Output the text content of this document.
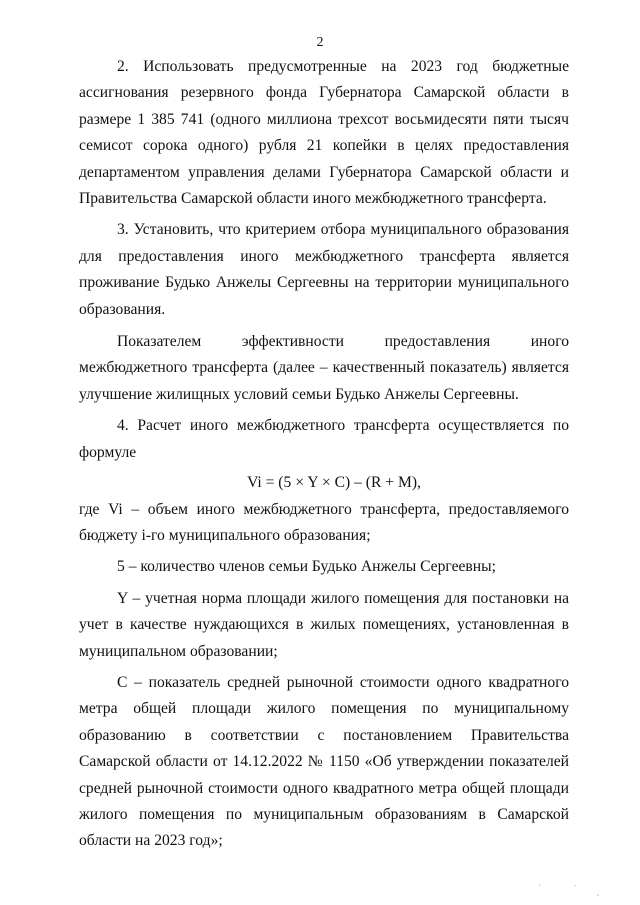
2

2. Использовать предусмотренные на 2023 год бюджетные ассигнования резервного фонда Губернатора Самарской области в размере 1 385 741 (одного миллиона трехсот восьмидесяти пяти тысяч семисот сорока одного) рубля 21 копейки в целях предоставления департаментом управления делами Губернатора Самарской области и Правительства Самарской области иного межбюджетного трансферта.

3. Установить, что критерием отбора муниципального образования для предоставления иного межбюджетного трансферта является проживание Будько Анжелы Сергеевны на территории муниципального образования.

Показателем эффективности предоставления иного межбюджетного трансферта (далее – качественный показатель) является улучшение жилищных условий семьи Будько Анжелы Сергеевны.

4. Расчет иного межбюджетного трансферта осуществляется по формуле

Vi = (5 × Y × C) – (R + M),

где Vi – объем иного межбюджетного трансферта, предоставляемого бюджету i-го муниципального образования;

5 – количество членов семьи Будько Анжелы Сергеевны;

Y – учетная норма площади жилого помещения для постановки на учет в качестве нуждающихся в жилых помещениях, установленная в муниципальном образовании;

C – показатель средней рыночной стоимости одного квадратного метра общей площади жилого помещения по муниципальному образованию в соответствии с постановлением Правительства Самарской области от 14.12.2022 № 1150 «Об утверждении показателей средней рыночной стоимости одного квадратного метра общей площади жилого помещения по муниципальным образованиям в Самарской области на 2023 год»;

·	˙ ˎ
